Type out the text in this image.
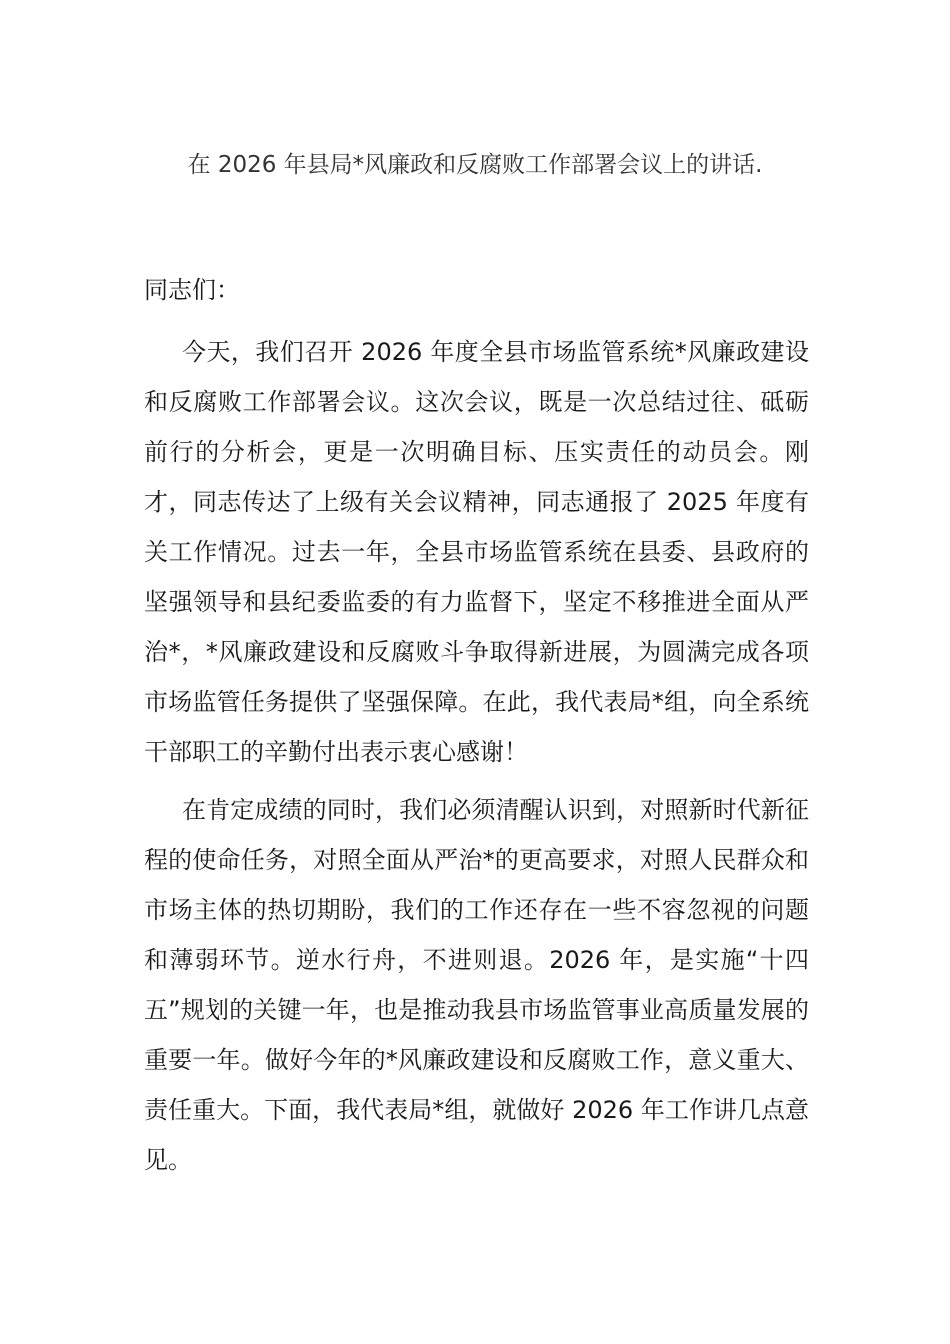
在 2026 年县局*风廉政和反腐败工作部署会议上的讲话.

同志们：

今天，我们召开 2026 年度全县市场监管系统*风廉政建设和反腐败工作部署会议。这次会议，既是一次总结过往、砥砺前行的分析会，更是一次明确目标、压实责任的动员会。刚才，同志传达了上级有关会议精神，同志通报了 2025 年度有关工作情况。过去一年，全县市场监管系统在县委、县政府的坚强领导和县纪委监委的有力监督下，坚定不移推进全面从严治*，*风廉政建设和反腐败斗争取得新进展，为圆满完成各项市场监管任务提供了坚强保障。在此，我代表局*组，向全系统干部职工的辛勤付出表示衷心感谢！

在肯定成绩的同时，我们必须清醒认识到，对照新时代新征程的使命任务，对照全面从严治*的更高要求，对照人民群众和市场主体的热切期盼，我们的工作还存在一些不容忽视的问题和薄弱环节。逆水行舟，不进则退。2026 年，是实施“十四五”规划的关键一年，也是推动我县市场监管事业高质量发展的重要一年。做好今年的*风廉政建设和反腐败工作，意义重大、责任重大。下面，我代表局*组，就做好 2026 年工作讲几点意见。
